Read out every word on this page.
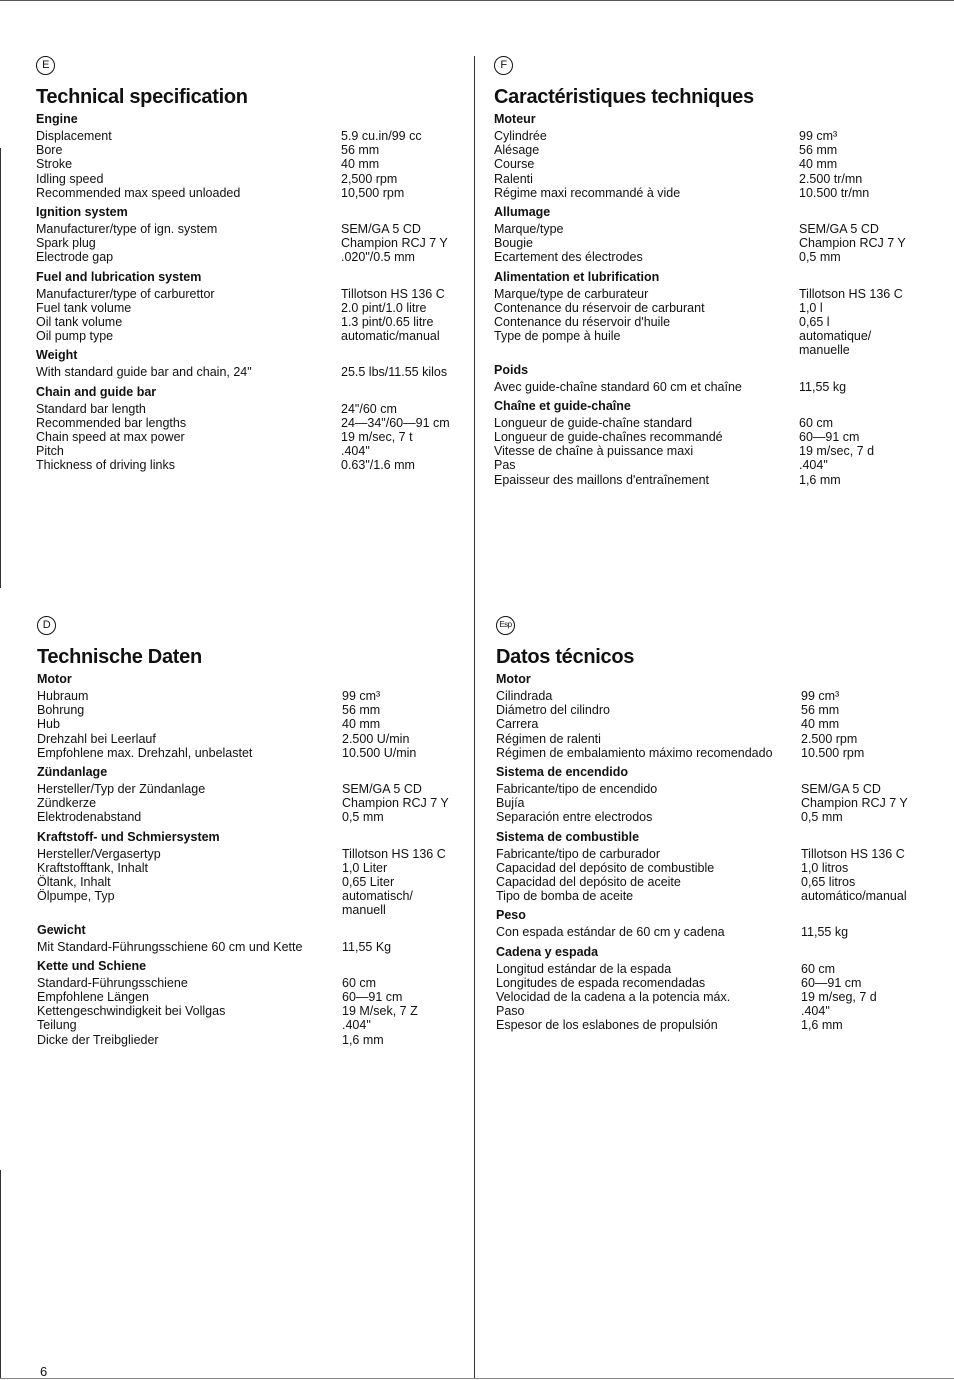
E
Technical specification
Engine
Displacement	5.9 cu.in/99 cc
Bore	56 mm
Stroke	40 mm
Idling speed	2,500 rpm
Recommended max speed unloaded	10,500 rpm
Ignition system
Manufacturer/type of ign. system	SEM/GA 5 CD
Spark plug	Champion RCJ 7 Y
Electrode gap	.020"/0.5 mm
Fuel and lubrication system
Manufacturer/type of carburettor	Tillotson HS 136 C
Fuel tank volume	2.0 pint/1.0 litre
Oil tank volume	1.3 pint/0.65 litre
Oil pump type	automatic/manual
Weight
With standard guide bar and chain, 24"	25.5 lbs/11.55 kilos
Chain and guide bar
Standard bar length	24"/60 cm
Recommended bar lengths	24—34"/60—91 cm
Chain speed at max power	19 m/sec, 7 t
Pitch	.404"
Thickness of driving links	0.63"/1.6 mm
F
Caractéristiques techniques
Moteur
Cylindrée	99 cm³
Alésage	56 mm
Course	40 mm
Ralenti	2.500 tr/mn
Régime maxi recommandé à vide	10.500 tr/mn
Allumage
Marque/type	SEM/GA 5 CD
Bougie	Champion RCJ 7 Y
Ecartement des électrodes	0,5 mm
Alimentation et lubrification
Marque/type de carburateur	Tillotson HS 136 C
Contenance du réservoir de carburant	1,0 l
Contenance du réservoir d'huile	0,65 l
Type de pompe à huile	automatique/

manuelle
Poids
Avec guide-chaîne standard 60 cm et chaîne	11,55 kg
Chaîne et guide-chaîne
Longueur de guide-chaîne standard	60 cm
Longueur de guide-chaînes recommandé	60—91 cm
Vitesse de chaîne à puissance maxi	19 m/sec, 7 d
Pas	.404"
Epaisseur des maillons d'entraînement	1,6 mm
D
Technische Daten
Motor
Hubraum	99 cm³
Bohrung	56 mm
Hub	40 mm
Drehzahl bei Leerlauf	2.500 U/min
Empfohlene max. Drehzahl, unbelastet	10.500 U/min
Zündanlage
Hersteller/Typ der Zündanlage	SEM/GA 5 CD
Zündkerze	Champion RCJ 7 Y
Elektrodenabstand	0,5 mm
Kraftstoff- und Schmiersystem
Hersteller/Vergasertyp	Tillotson HS 136 C
Kraftstofftank, Inhalt	1,0 Liter
Öltank, Inhalt	0,65 Liter
Ölpumpe, Typ	automatisch/

manuell
Gewicht
Mit Standard-Führungsschiene 60 cm und Kette	11,55 Kg
Kette und Schiene
Standard-Führungsschiene	60 cm
Empfohlene Längen	60—91 cm
Kettengeschwindigkeit bei Vollgas	19 M/sek, 7 Z
Teilung	.404"
Dicke der Treibglieder	1,6 mm
Esp
Datos técnicos
Motor
Cilindrada	99 cm³
Diámetro del cilindro	56 mm
Carrera	40 mm
Régimen de ralenti	2.500 rpm
Régimen de embalamiento máximo recomendado 10.500 rpm
Sistema de encendido
Fabricante/tipo de encendido	SEM/GA 5 CD
Bujía	Champion RCJ 7 Y
Separación entre electrodos	0,5 mm
Sistema de combustible
Fabricante/tipo de carburador	Tillotson HS 136 C
Capacidad del depósito de combustible	1,0 litros
Capacidad del depósito de aceite	0,65 litros
Tipo de bomba de aceite	automático/manual
Peso
Con espada estándar de 60 cm y cadena	11,55 kg
Cadena y espada
Longitud estándar de la espada	60 cm
Longitudes de espada recomendadas	60—91 cm
Velocidad de la cadena a la potencia máx.	19 m/seg, 7 d
Paso	.404"
Espesor de los eslabones de propulsión	1,6 mm
6
